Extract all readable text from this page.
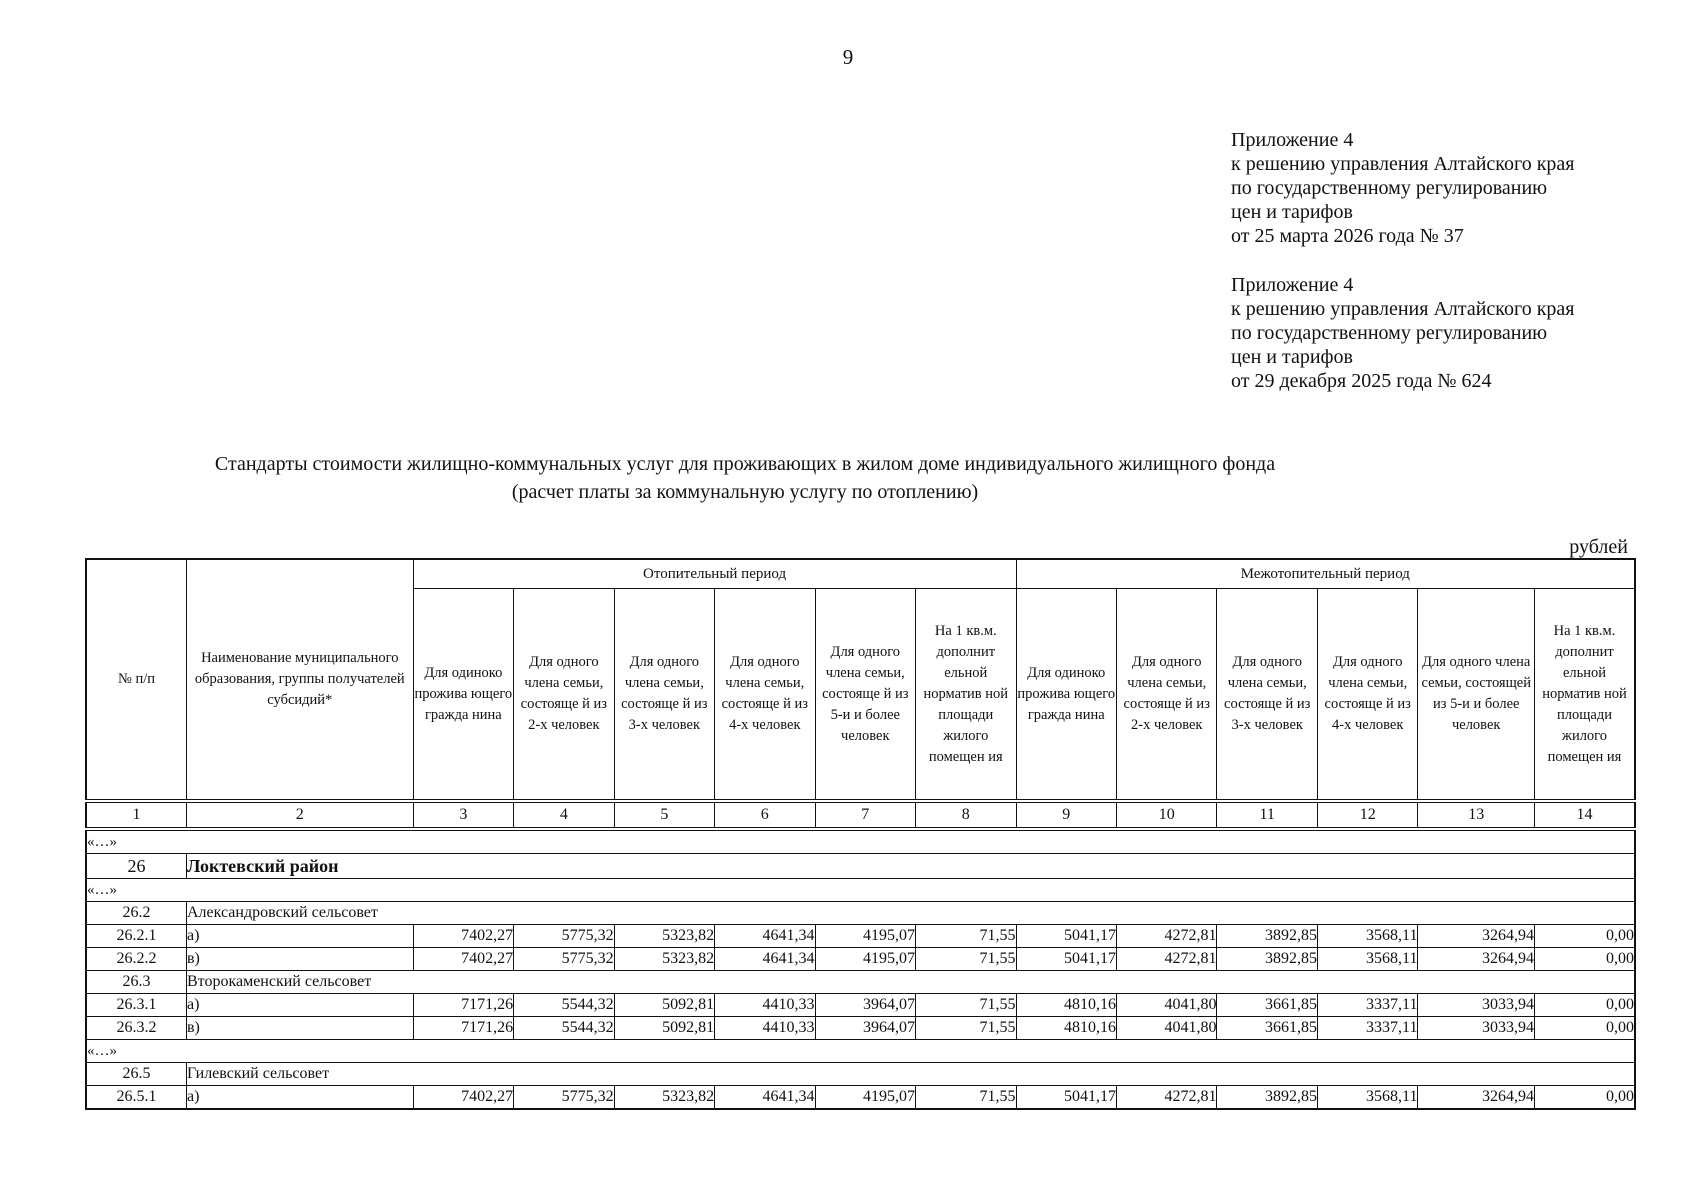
9
Приложение 4
к решению управления Алтайского края
по государственному регулированию
цен и тарифов
от 25 марта 2026 года № 37
Приложение 4
к решению управления Алтайского края
по государственному регулированию
цен и тарифов
от 29 декабря 2025 года № 624
Стандарты стоимости жилищно-коммунальных услуг для проживающих в жилом доме индивидуального жилищного фонда
(расчет платы за коммунальную услугу по отоплению)
рублей
№ п/п	Наименование муниципального образования, группы получателей субсидий*	Отопительный период						Межотопительный период					
		Для одиноко прожива ющего гражда нина	Для одного члена семьи, состояще й из 2-х человек	Для одного члена семьи, состояще й из 3-х человек	Для одного члена семьи, состояще й из 4-х человек	Для одного члена семьи, состояще й из 5-и и более человек	На 1 кв.м. дополнит ельной норматив ной площади жилого помещен ия	Для одиноко прожива ющего гражда нина	Для одного члена семьи, состояще й из 2-х человек	Для одного члена семьи, состояще й из 3-х человек	Для одного члена семьи, состояще й из 4-х человек	Для одного члена семьи, состоящей из 5-и и более человек	На 1 кв.м. дополнит ельной норматив ной площади жилого помещен ия
1	2	3	4	5	6	7	8	9	10	11	12	13	14
«…»													
26	Локтевский район												
«…»													
26.2	Александровский сельсовет												
26.2.1	а)	7402,27	5775,32	5323,82	4641,34	4195,07	71,55	5041,17	4272,81	3892,85	3568,11	3264,94	0,00
26.2.2	в)	7402,27	5775,32	5323,82	4641,34	4195,07	71,55	5041,17	4272,81	3892,85	3568,11	3264,94	0,00
26.3	Второкаменский сельсовет												
26.3.1	а)	7171,26	5544,32	5092,81	4410,33	3964,07	71,55	4810,16	4041,80	3661,85	3337,11	3033,94	0,00
26.3.2	в)	7171,26	5544,32	5092,81	4410,33	3964,07	71,55	4810,16	4041,80	3661,85	3337,11	3033,94	0,00
«…»													
26.5	Гилевский сельсовет												
26.5.1	а)	7402,27	5775,32	5323,82	4641,34	4195,07	71,55	5041,17	4272,81	3892,85	3568,11	3264,94	0,00
